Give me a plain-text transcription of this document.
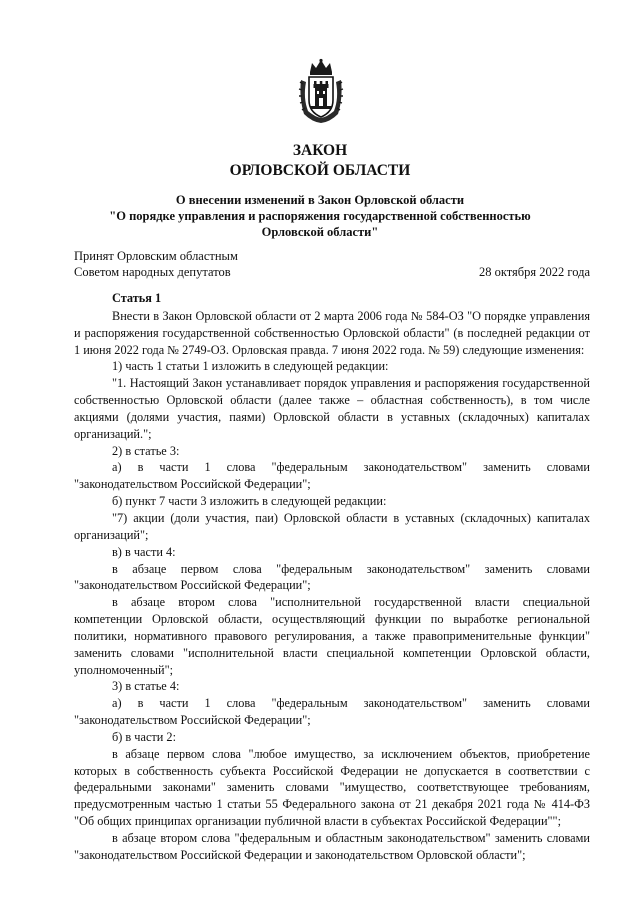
ЗАКОН
ОРЛОВСКОЙ ОБЛАСТИ
О внесении изменений в Закон Орловской области
"О порядке управления и распоряжения государственной собственностью
Орловской области"
Принят Орловским областным
Советом народных депутатов	28 октября 2022 года

Статья 1

Внести в Закон Орловской области от 2 марта 2006 года № 584-ОЗ "О порядке управления и распоряжения государственной собственностью Орловской области" (в последней редакции от 1 июня 2022 года № 2749-ОЗ. Орловская правда. 7 июня 2022 года. № 59) следующие изменения:

1) часть 1 статьи 1 изложить в следующей редакции:

"1. Настоящий Закон устанавливает порядок управления и распоряжения государственной собственностью Орловской области (далее также – областная собственность), в том числе акциями (долями участия, паями) Орловской области в уставных (складочных) капиталах организаций.";

2) в статье 3:

а) в части 1 слова "федеральным законодательством" заменить словами "законодательством Российской Федерации";

б) пункт 7 части 3 изложить в следующей редакции:

"7) акции (доли участия, паи) Орловской области в уставных (складочных) капиталах организаций";

в) в части 4:

в абзаце первом слова "федеральным законодательством" заменить словами "законодательством Российской Федерации";

в абзаце втором слова "исполнительной государственной власти специальной компетенции Орловской области, осуществляющий функции по выработке региональной политики, нормативного правового регулирования, а также правоприменительные функции" заменить словами "исполнительной власти специальной компетенции Орловской области, уполномоченный";

3) в статье 4:

а) в части 1 слова "федеральным законодательством" заменить словами "законодательством Российской Федерации";

б) в части 2:

в абзаце первом слова "любое имущество, за исключением объектов, приобретение которых в собственность субъекта Российской Федерации не допускается в соответствии с федеральными законами" заменить словами "имущество, соответствующее требованиям, предусмотренным частью 1 статьи 55 Федерального закона от 21 декабря 2021 года № 414-ФЗ "Об общих принципах организации публичной власти в субъектах Российской Федерации"";

в абзаце втором слова "федеральным и областным законодательством" заменить словами "законодательством Российской Федерации и законодательством Орловской области";
